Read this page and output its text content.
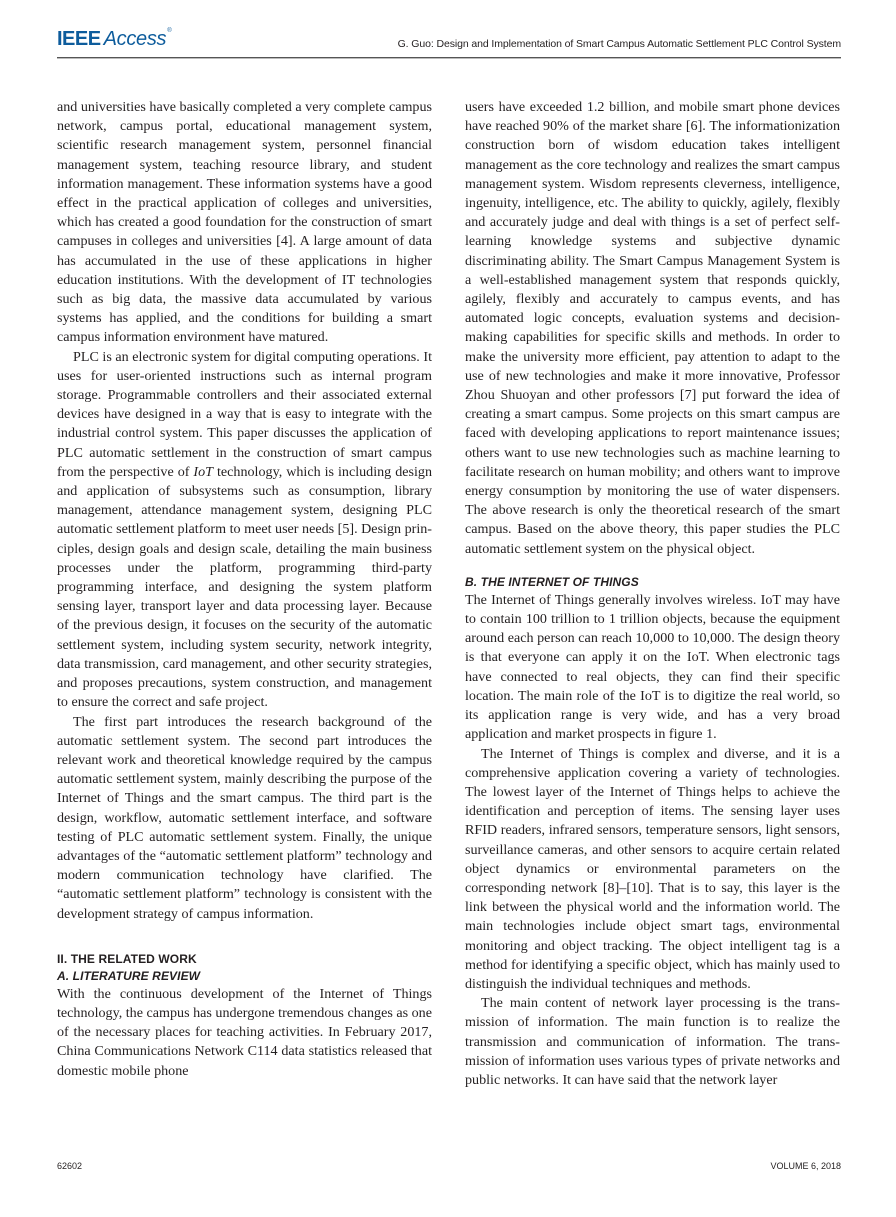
IEEE Access®
G. Guo: Design and Implementation of Smart Campus Automatic Settlement PLC Control System

and universities have basically completed a very complete campus network, campus portal, educational management system, scientific research management system, personnel financial management system, teaching resource library, and student information management. These information systems have a good effect in the practical application of colleges and universities, which has created a good foundation for the construction of smart campuses in colleges and universities [4]. A large amount of data has accumulated in the use of these applications in higher education institutions. With the development of IT technologies such as big data, the massive data accumulated by various systems has applied, and the conditions for building a smart campus information environment have matured.

PLC is an electronic system for digital computing operations. It uses for user-oriented instructions such as internal program storage. Programmable controllers and their associated external devices have designed in a way that is easy to integrate with the industrial control system. This paper discusses the application of PLC automatic settlement in the construction of smart campus from the perspective of IoT technology, which is including design and application of subsystems such as consumption, library management, attendance management system, designing PLC automatic settlement platform to meet user needs [5]. Design principles, design goals and design scale, detailing the main business processes under the platform, programming third-party programming interface, and designing the system platform sensing layer, transport layer and data processing layer. Because of the previous design, it focuses on the security of the automatic settlement system, including system security, network integrity, data transmission, card management, and other security strategies, and proposes precautions, system construction, and management to ensure the correct and safe project.

The first part introduces the research background of the automatic settlement system. The second part introduces the relevant work and theoretical knowledge required by the campus automatic settlement system, mainly describing the purpose of the Internet of Things and the smart campus. The third part is the design, workflow, automatic settlement interface, and software testing of PLC automatic settlement system. Finally, the unique advantages of the “automatic settlement platform” technology and modern communication technology have clarified. The “automatic settlement platform” technology is consistent with the development strategy of campus information.

II. THE RELATED WORK
A. LITERATURE REVIEW

With the continuous development of the Internet of Things technology, the campus has undergone tremendous changes as one of the necessary places for teaching activities. In February 2017, China Communications Network C114 data statistics released that domestic mobile phone

users have exceeded 1.2 billion, and mobile smart phone devices have reached 90% of the market share [6]. The informationization construction born of wisdom education takes intelligent management as the core technology and realizes the smart campus management system. Wisdom represents cleverness, intelligence, ingenuity, intelligence, etc. The ability to quickly, agilely, flexibly and accurately judge and deal with things is a set of perfect self-learning knowledge systems and subjective dynamic discriminating ability. The Smart Campus Management System is a well-established management system that responds quickly, agilely, flexibly and accurately to campus events, and has automated logic concepts, evaluation systems and decision-making capabilities for specific skills and methods. In order to make the university more efficient, pay attention to adapt to the use of new technologies and make it more innovative, Professor Zhou Shuoyan and other professors [7] put forward the idea of creating a smart campus. Some projects on this smart campus are faced with developing applications to report maintenance issues; others want to use new technologies such as machine learning to facilitate research on human mobility; and others want to improve energy consumption by monitoring the use of water dispensers. The above research is only the theoretical research of the smart campus. Based on the above theory, this paper studies the PLC automatic settlement system on the physical object.

B. THE INTERNET OF THINGS

The Internet of Things generally involves wireless. IoT may have to contain 100 trillion to 1 trillion objects, because the equipment around each person can reach 10,000 to 10,000. The design theory is that everyone can apply it on the IoT. When electronic tags have connected to real objects, they can find their specific location. The main role of the IoT is to digitize the real world, so its application range is very wide, and has a very broad application and market prospects in figure 1.

The Internet of Things is complex and diverse, and it is a comprehensive application covering a variety of technologies. The lowest layer of the Internet of Things helps to achieve the identification and perception of items. The sensing layer uses RFID readers, infrared sensors, temperature sensors, light sensors, surveillance cameras, and other sensors to acquire certain related object dynamics or environmental parameters on the corresponding network [8]–[10]. That is to say, this layer is the link between the physical world and the information world. The main technologies include object smart tags, environmental monitoring and object tracking. The object intelligent tag is a method for identifying a specific object, which has mainly used to distinguish the individual techniques and methods.

The main content of network layer processing is the transmission of information. The main function is to realize the transmission and communication of information. The transmission of information uses various types of private networks and public networks. It can have said that the network layer

62602	VOLUME 6, 2018
